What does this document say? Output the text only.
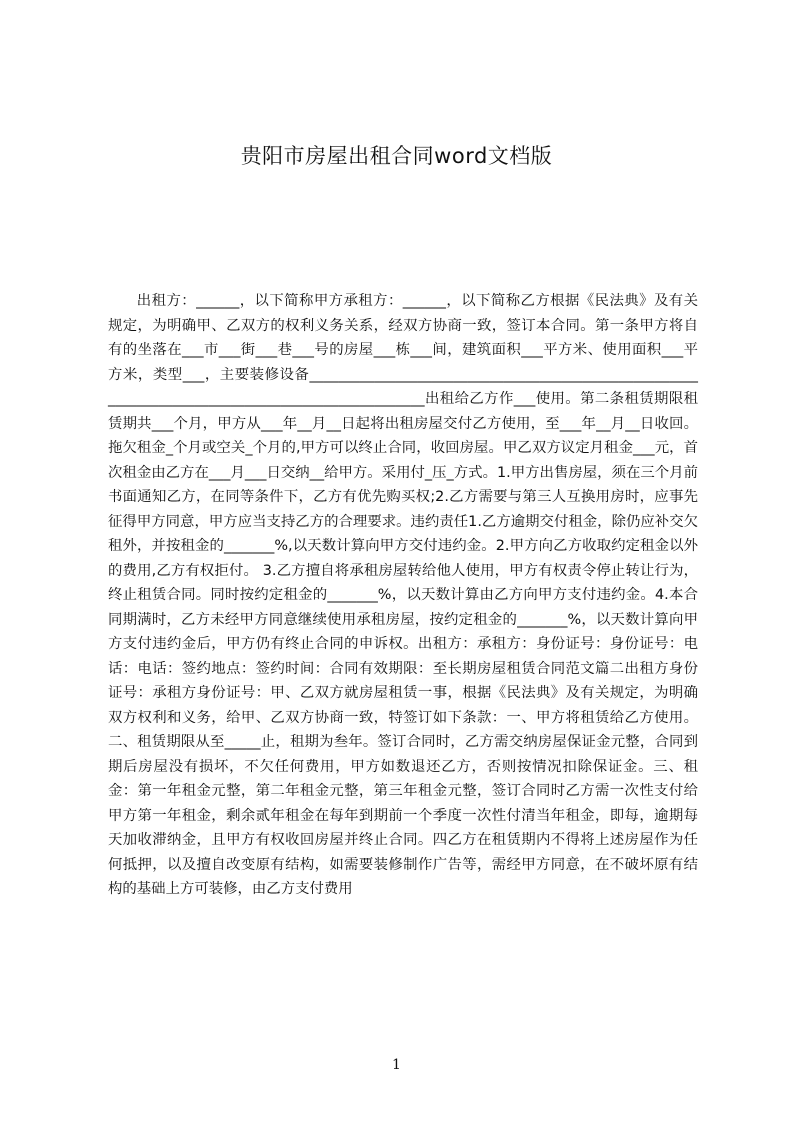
贵阳市房屋出租合同word文档版

出租方：______，以下简称甲方承租方：______，以下简称乙方根据《民法典》及有关规定，为明确甲、乙双方的权利义务关系，经双方协商一致，签订本合同。第一条甲方将自有的坐落在___市___街___巷___号的房屋___栋___间，建筑面积___平方米、使用面积___平方米，类型___，主要装修设备__________________________________________________________________________________________________出租给乙方作___使用。第二条租赁期限租赁期共___个月，甲方从___年__月__日起将出租房屋交付乙方使用，至___年__月__日收回。拖欠租金_个月或空关_个月的,甲方可以终止合同，收回房屋。甲乙双方议定月租金___元，首次租金由乙方在___月___日交纳__给甲方。采用付_压_方式。1.甲方出售房屋，须在三个月前书面通知乙方，在同等条件下，乙方有优先购买权;2.乙方需要与第三人互换用房时，应事先征得甲方同意，甲方应当支持乙方的合理要求。违约责任1.乙方逾期交付租金，除仍应补交欠租外，并按租金的_______%,以天数计算向甲方交付违约金。2.甲方向乙方收取约定租金以外的费用,乙方有权拒付。 3.乙方擅自将承租房屋转给他人使用，甲方有权责令停止转让行为，终止租赁合同。同时按约定租金的_______%，以天数计算由乙方向甲方支付违约金。4.本合同期满时，乙方未经甲方同意继续使用承租房屋，按约定租金的_______%，以天数计算向甲方支付违约金后，甲方仍有终止合同的申诉权。出租方：承租方：身份证号：身份证号：电话：电话：签约地点：签约时间：合同有效期限：至长期房屋租赁合同范文篇二出租方身份证号：承租方身份证号：甲、乙双方就房屋租赁一事，根据《民法典》及有关规定，为明确双方权利和义务，给甲、乙双方协商一致，特签订如下条款：一、甲方将租赁给乙方使用。二、租赁期限从至_____止，租期为叁年。签订合同时，乙方需交纳房屋保证金元整，合同到期后房屋没有损坏，不欠任何费用，甲方如数退还乙方，否则按情况扣除保证金。三、租金：第一年租金元整，第二年租金元整，第三年租金元整，签订合同时乙方需一次性支付给甲方第一年租金，剩余贰年租金在每年到期前一个季度一次性付清当年租金，即每，逾期每天加收滞纳金，且甲方有权收回房屋并终止合同。四乙方在租赁期内不得将上述房屋作为任何抵押，以及擅自改变原有结构，如需要装修制作广告等，需经甲方同意，在不破坏原有结构的基础上方可装修，由乙方支付费用

1
